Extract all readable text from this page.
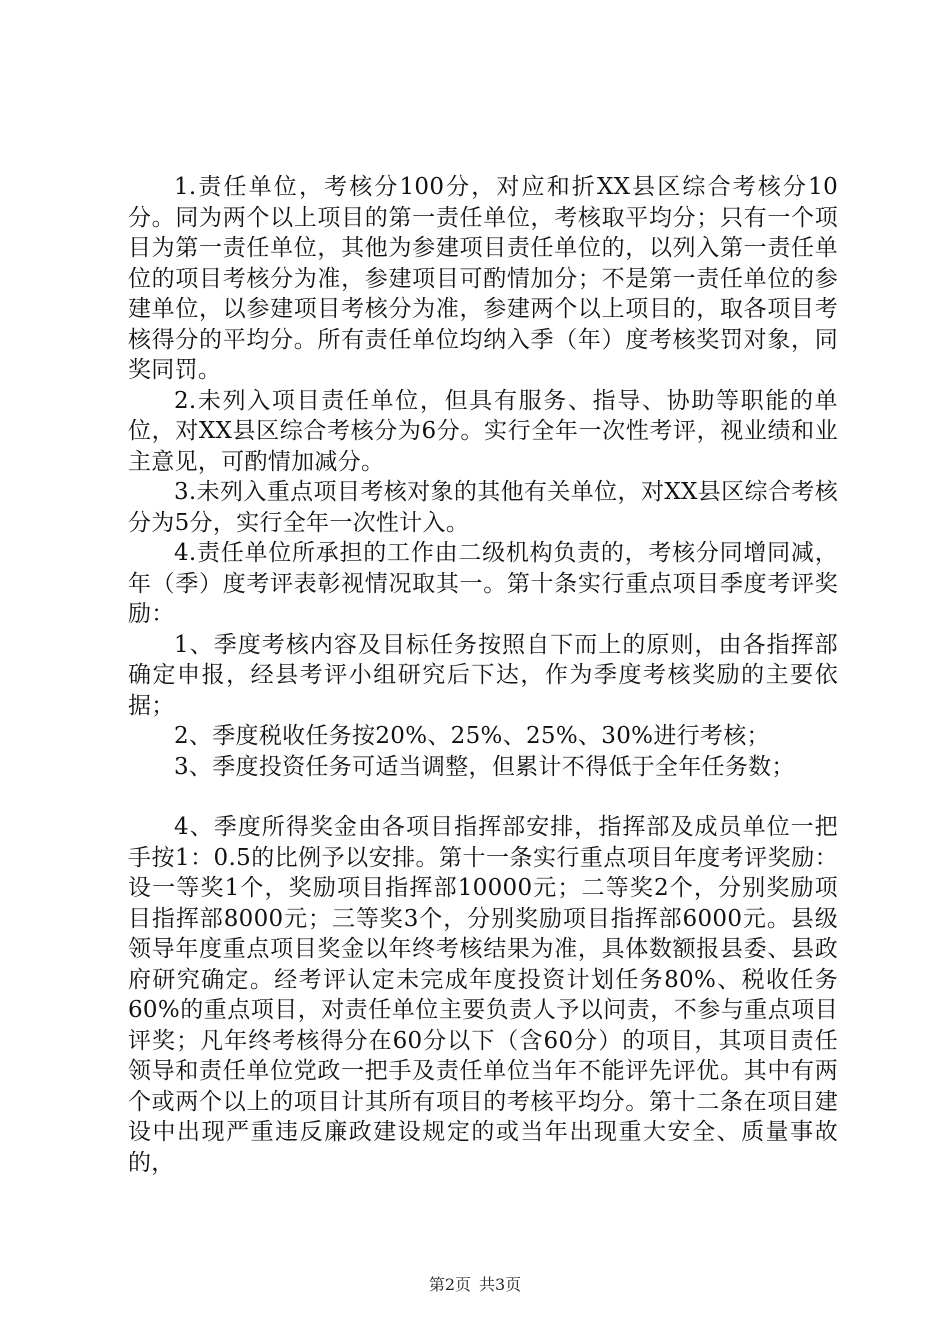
1.责任单位，考核分100分，对应和折XX县区综合考核分10分。同为两个以上项目的第一责任单位，考核取平均分；只有一个项目为第一责任单位，其他为参建项目责任单位的，以列入第一责任单位的项目考核分为准，参建项目可酌情加分；不是第一责任单位的参建单位，以参建项目考核分为准，参建两个以上项目的，取各项目考核得分的平均分。所有责任单位均纳入季（年）度考核奖罚对象，同奖同罚。

2.未列入项目责任单位，但具有服务、指导、协助等职能的单位，对XX县区综合考核分为6分。实行全年一次性考评，视业绩和业主意见，可酌情加减分。

3.未列入重点项目考核对象的其他有关单位，对XX县区综合考核分为5分，实行全年一次性计入。

4.责任单位所承担的工作由二级机构负责的，考核分同增同减，年（季）度考评表彰视情况取其一。第十条实行重点项目季度考评奖励：

1、季度考核内容及目标任务按照自下而上的原则，由各指挥部确定申报，经县考评小组研究后下达，作为季度考核奖励的主要依据；

2、季度税收任务按20%、25%、25%、30%进行考核；

3、季度投资任务可适当调整，但累计不得低于全年任务数；

4、季度所得奖金由各项目指挥部安排，指挥部及成员单位一把手按1：0.5的比例予以安排。第十一条实行重点项目年度考评奖励：设一等奖1个，奖励项目指挥部10000元；二等奖2个，分别奖励项目指挥部8000元；三等奖3个，分别奖励项目指挥部6000元。县级领导年度重点项目奖金以年终考核结果为准，具体数额报县委、县政府研究确定。经考评认定未完成年度投资计划任务80%、税收任务60%的重点项目，对责任单位主要负责人予以问责，不参与重点项目评奖；凡年终考核得分在60分以下（含60分）的项目，其项目责任领导和责任单位党政一把手及责任单位当年不能评先评优。其中有两个或两个以上的项目计其所有项目的考核平均分。第十二条在项目建设中出现严重违反廉政建设规定的或当年出现重大安全、质量事故的，

第2页 共3页
